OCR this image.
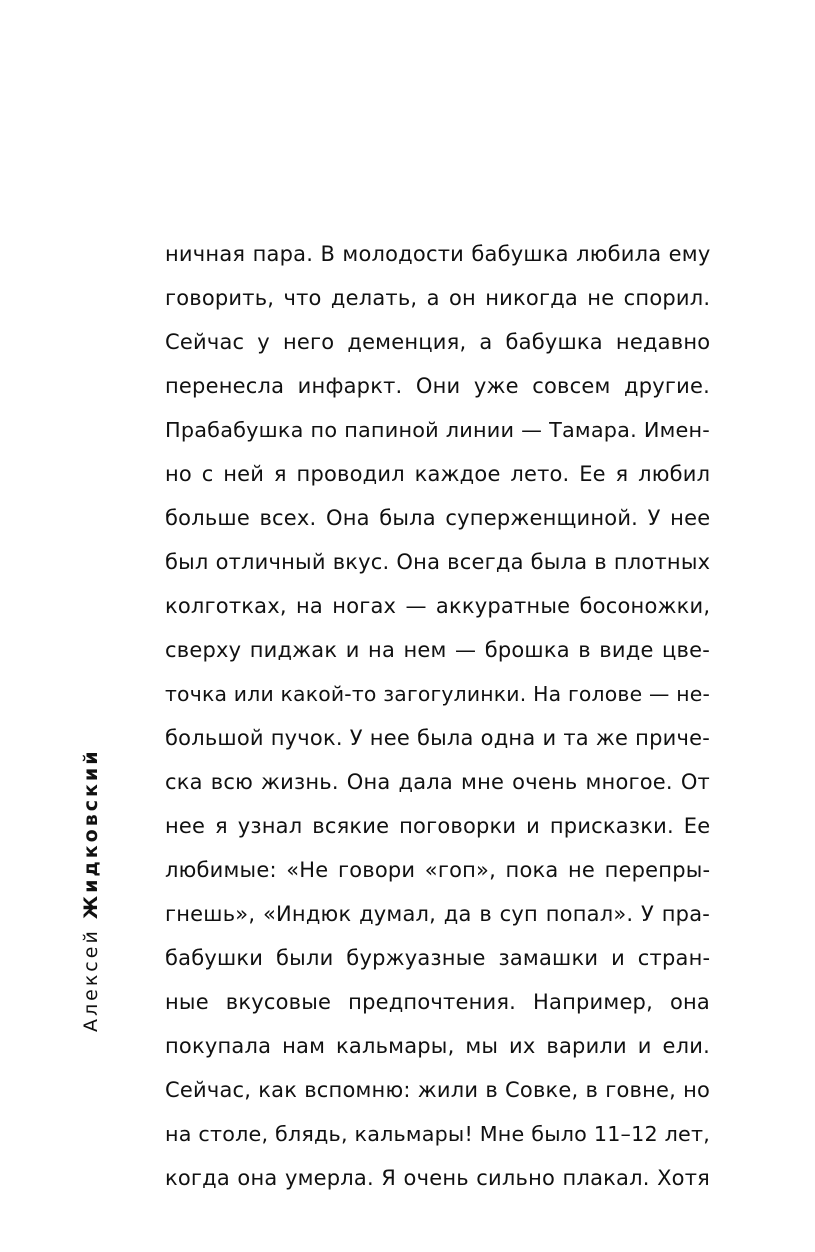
Алексей Жидковский
ничная пара. В молодости бабушка любила ему
говорить, что делать, а он никогда не спорил.
Сейчас у него деменция, а бабушка недавно
перенесла инфаркт. Они уже совсем другие.
Прабабушка по папиной линии — Тамара. Имен-
но с ней я проводил каждое лето. Ее я любил
больше всех. Она была суперженщиной. У нее
был отличный вкус. Она всегда была в плотных
колготках, на ногах — аккуратные босоножки,
сверху пиджак и на нем — брошка в виде цве-
точка или какой-то загогулинки. На голове — не-
большой пучок. У нее была одна и та же приче-
ска всю жизнь. Она дала мне очень многое. От
нее я узнал всякие поговорки и присказки. Ее
любимые: «Не говори «гоп», пока не перепры-
гнешь», «Индюк думал, да в суп попал». У пра-
бабушки были буржуазные замашки и стран-
ные вкусовые предпочтения. Например, она
покупала нам кальмары, мы их варили и ели.
Сейчас, как вспомню: жили в Совке, в говне, но
на столе, блядь, кальмары! Мне было 11–12 лет,
когда она умерла. Я очень сильно плакал. Хотя
